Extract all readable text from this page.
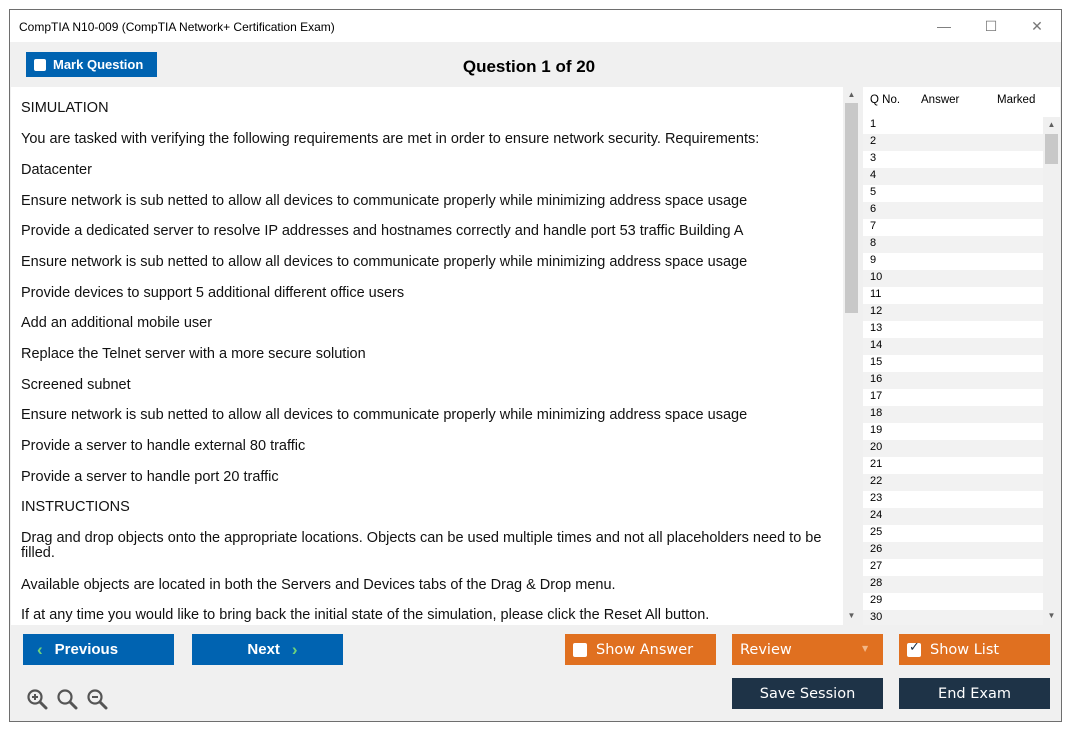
CompTIA N10-009 (CompTIA Network+ Certification Exam)	—	☐	✕
Mark Question	Question 1 of 20

SIMULATION

You are tasked with verifying the following requirements are met in order to ensure network security. Requirements:

Datacenter

Ensure network is sub netted to allow all devices to communicate properly while minimizing address space usage

Provide a dedicated server to resolve IP addresses and hostnames correctly and handle port 53 traffic Building A

Ensure network is sub netted to allow all devices to communicate properly while minimizing address space usage

Provide devices to support 5 additional different office users

Add an additional mobile user

Replace the Telnet server with a more secure solution

Screened subnet

Ensure network is sub netted to allow all devices to communicate properly while minimizing address space usage

Provide a server to handle external 80 traffic

Provide a server to handle port 20 traffic

INSTRUCTIONS

Drag and drop objects onto the appropriate locations. Objects can be used multiple times and not all placeholders need to be filled.

Available objects are located in both the Servers and Devices tabs of the Drag & Drop menu.

If at any time you would like to bring back the initial state of the simulation, please click the Reset All button.

▲
▼
Q No. Answer	Marked
1
2
3
4
5
6
7
8
9
10
11
12
13
14
15
16
17
18
19
20
21
22
23
24
25
26
27
28
29
30
▲
▼
‹ Previous	Next ›	Show Answer	Review	▼
✓	Show List
Save Session	End Exam
